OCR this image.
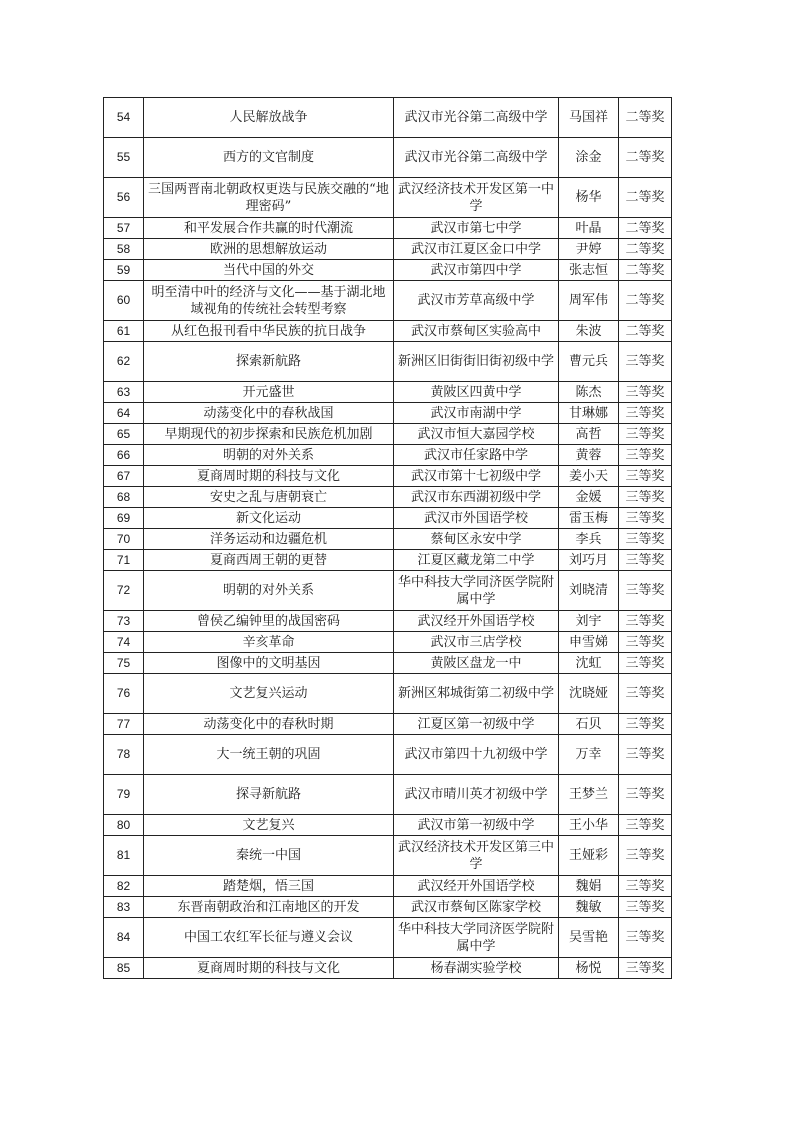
54	人民解放战争	武汉市光谷第二高级中学	马国祥	二等奖
55	西方的文官制度	武汉市光谷第二高级中学	涂金	二等奖
56	三国两晋南北朝政权更迭与民族交融的“地理密码”	武汉经济技术开发区第一中学	杨华	二等奖
57	和平发展合作共赢的时代潮流	武汉市第七中学	叶晶	二等奖
58	欧洲的思想解放运动	武汉市江夏区金口中学	尹婷	二等奖
59	当代中国的外交	武汉市第四中学	张志恒	二等奖
60	明至清中叶的经济与文化——基于湖北地域视角的传统社会转型考察	武汉市芳草高级中学	周军伟	二等奖
61	从红色报刊看中华民族的抗日战争	武汉市蔡甸区实验高中	朱波	二等奖
62	探索新航路	新洲区旧街街旧街初级中学	曹元兵	三等奖
63	开元盛世	黄陂区四黄中学	陈杰	三等奖
64	动荡变化中的春秋战国	武汉市南湖中学	甘琳娜	三等奖
65	早期现代的初步探索和民族危机加剧	武汉市恒大嘉园学校	高哲	三等奖
66	明朝的对外关系	武汉市任家路中学	黄蓉	三等奖
67	夏商周时期的科技与文化	武汉市第十七初级中学	姜小天	三等奖
68	安史之乱与唐朝衰亡	武汉市东西湖初级中学	金媛	三等奖
69	新文化运动	武汉市外国语学校	雷玉梅	三等奖
70	洋务运动和边疆危机	蔡甸区永安中学	李兵	三等奖
71	夏商西周王朝的更替	江夏区藏龙第二中学	刘巧月	三等奖
72	明朝的对外关系	华中科技大学同济医学院附属中学	刘晓清	三等奖
73	曾侯乙编钟里的战国密码	武汉经开外国语学校	刘宇	三等奖
74	辛亥革命	武汉市三店学校	申雪娣	三等奖
75	图像中的文明基因	黄陂区盘龙一中	沈虹	三等奖
76	文艺复兴运动	新洲区邾城街第二初级中学	沈晓娅	三等奖
77	动荡变化中的春秋时期	江夏区第一初级中学	石贝	三等奖
78	大一统王朝的巩固	武汉市第四十九初级中学	万幸	三等奖
79	探寻新航路	武汉市晴川英才初级中学	王梦兰	三等奖
80	文艺复兴	武汉市第一初级中学	王小华	三等奖
81	秦统一中国	武汉经济技术开发区第三中学	王娅彩	三等奖
82	踏楚烟，悟三国	武汉经开外国语学校	魏娟	三等奖
83	东晋南朝政治和江南地区的开发	武汉市蔡甸区陈家学校	魏敏	三等奖
84	中国工农红军长征与遵义会议	华中科技大学同济医学院附属中学	吴雪艳	三等奖
85	夏商周时期的科技与文化	杨春湖实验学校	杨悦	三等奖
